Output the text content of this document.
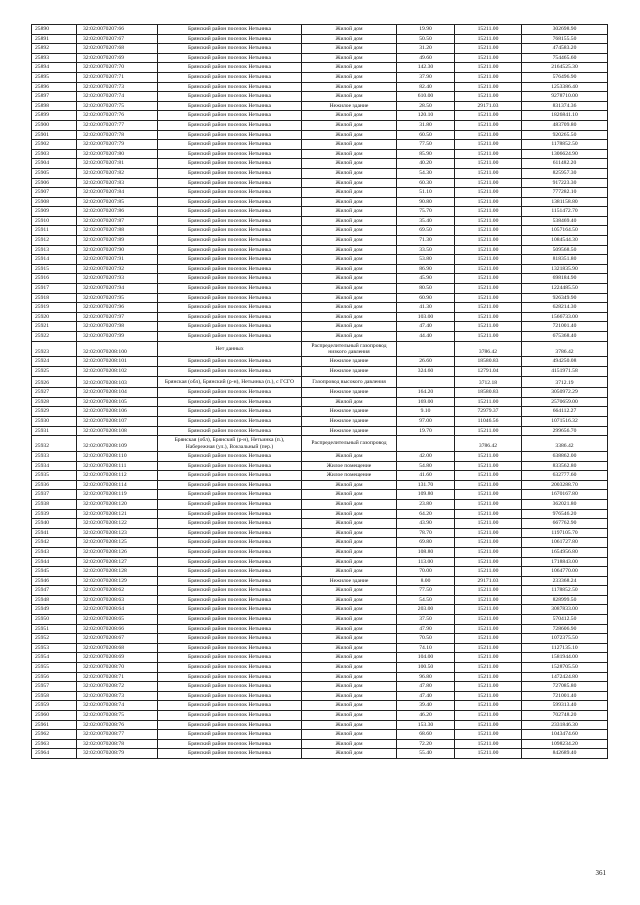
25890	32:02:0070207:66	Брянский район поселок Нетьинка	Жилой дом	19.90	15211.00	302698.90
25891	32:02:0070207:67	Брянский район поселок Нетьинка	Жилой дом	50.50	15211.00	768155.50
25892	32:02:0070207:68	Брянский район поселок Нетьинка	Жилой дом	31.20	15211.00	474583.20
25893	32:02:0070207:69	Брянский район поселок Нетьинка	Жилой дом	49.60	15211.00	754465.60
25894	32:02:0070207:70	Брянский район поселок Нетьинка	Жилой дом	142.30	15211.00	2164525.30
25895	32:02:0070207:71	Брянский район поселок Нетьинка	Жилой дом	37.90	15211.00	576496.90
25896	32:02:0070207:73	Брянский район поселок Нетьинка	Жилой дом	82.40	15211.00	1253386.40
25897	32:02:0070207:74	Брянский район поселок Нетьинка	Жилой дом	610.00	15211.00	9278710.00
25898	32:02:0070207:75	Брянский район поселок Нетьинка	Нежилое здание	28.50	29171.03	831374.36
25899	32:02:0070207:76	Брянский район поселок Нетьинка	Жилой дом	120.10	15211.00	1826841.10
25900	32:02:0070207:77	Брянский район поселок Нетьинка	Жилой дом	31.80	15211.00	483709.80
25901	32:02:0070207:78	Брянский район поселок Нетьинка	Жилой дом	60.50	15211.00	920265.50
25902	32:02:0070207:79	Брянский район поселок Нетьинка	Жилой дом	77.50	15211.00	1178852.50
25903	32:02:0070207:80	Брянский район поселок Нетьинка	Жилой дом	85.90	15211.00	1306624.90
25904	32:02:0070207:81	Брянский район поселок Нетьинка	Жилой дом	40.20	15211.00	611482.20
25905	32:02:0070207:82	Брянский район поселок Нетьинка	Жилой дом	54.30	15211.00	825957.30
25906	32:02:0070207:83	Брянский район поселок Нетьинка	Жилой дом	60.30	15211.00	917223.30
25907	32:02:0070207:84	Брянский район поселок Нетьинка	Жилой дом	51.10	15211.00	777282.10
25908	32:02:0070207:85	Брянский район поселок Нетьинка	Жилой дом	90.80	15211.00	1381158.80
25909	32:02:0070207:86	Брянский район поселок Нетьинка	Жилой дом	75.70	15211.00	1151472.70
25910	32:02:0070207:87	Брянский район поселок Нетьинка	Жилой дом	35.40	15211.00	538469.40
25911	32:02:0070207:88	Брянский район поселок Нетьинка	Жилой дом	69.50	15211.00	1057164.50
25912	32:02:0070207:89	Брянский район поселок Нетьинка	Жилой дом	71.30	15211.00	1084544.30
25913	32:02:0070207:90	Брянский район поселок Нетьинка	Жилой дом	33.50	15211.00	509568.50
25914	32:02:0070207:91	Брянский район поселок Нетьинка	Жилой дом	53.80	15211.00	818351.80
25915	32:02:0070207:92	Брянский район поселок Нетьинка	Жилой дом	86.90	15211.00	1321835.90
25916	32:02:0070207:93	Брянский район поселок Нетьинка	Жилой дом	45.90	15211.00	698184.90
25917	32:02:0070207:94	Брянский район поселок Нетьинка	Жилой дом	80.50	15211.00	1224485.50
25918	32:02:0070207:95	Брянский район поселок Нетьинка	Жилой дом	60.90	15211.00	926349.90
25919	32:02:0070207:96	Брянский район поселок Нетьинка	Жилой дом	41.30	15211.00	628214.30
25920	32:02:0070207:97	Брянский район поселок Нетьинка	Жилой дом	103.00	15211.00	1566733.00
25921	32:02:0070207:98	Брянский район поселок Нетьинка	Жилой дом	47.40	15211.00	721001.40
25922	32:02:0070207:99	Брянский район поселок Нетьинка	Жилой дом	44.40	15211.00	675368.40
25923	32:02:0070208:100	Нет данных	Распределительный газопровод низкого давления		3786.42	3786.42
25924	32:02:0070208:101	Брянский район поселок Нетьинка	Нежилое здание	26.60	18580.83	494250.08
25925	32:02:0070208:102	Брянский район поселок Нетьинка	Нежилое здание	324.60	12791.04	4151971.58
25926	32:02:0070208:103	Брянская (обл), Брянский (р-н), Нетьинка (п.), с ГСГО	Газопровод высокого давления		3712.18	3712.19
25927	32:02:0070208:104	Брянский район поселок Нетьинка	Нежилое здание	164.20	18580.83	3050972.29
25928	32:02:0070208:105	Брянский район поселок Нетьинка	Жилой дом	169.00	15211.00	2570659.00
25929	32:02:0070208:106	Брянский район поселок Нетьинка	Нежилое здание	9.10	72979.37	664112.27
25930	32:02:0070208:107	Брянский район поселок Нетьинка	Нежилое здание	97.00	11046.56	1071516.32
25931	32:02:0070208:108	Брянский район поселок Нетьинка	Нежилое здание	19.70	15211.00	299656.70
25932	32:02:0070208:109	Брянская (обл), Брянский (р-н), Нетьинка (п.), Набережная (ул.), Вокзальный (пер.)	Распределительный газопровод		3786.42	3386.42
25933	32:02:0070208:110	Брянский район поселок Нетьинка	Жилой дом	42.00	15211.00	638862.00
25934	32:02:0070208:111	Брянский район поселок Нетьинка	Жилое помещение	54.80	15211.00	833562.80
25935	32:02:0070208:112	Брянский район поселок Нетьинка	Жилое помещение	41.60	15211.00	632777.60
25936	32:02:0070208:114	Брянский район поселок Нетьинка	Жилой дом	131.70	15211.00	2003288.70
25937	32:02:0070208:119	Брянский район поселок Нетьинка	Жилой дом	109.80	15211.00	1670167.80
25938	32:02:0070208:120	Брянский район поселок Нетьинка	Жилой дом	23.80	15211.00	362021.80
25939	32:02:0070208:121	Брянский район поселок Нетьинка	Жилой дом	64.20	15211.00	976546.20
25940	32:02:0070208:122	Брянский район поселок Нетьинка	Жилой дом	43.90	15211.00	667762.90
25941	32:02:0070208:123	Брянский район поселок Нетьинка	Жилой дом	78.70	15211.00	1197105.70
25942	32:02:0070208:125	Брянский район поселок Нетьинка	Жилой дом	69.80	15211.00	1061727.80
25943	32:02:0070208:126	Брянский район поселок Нетьинка	Жилой дом	108.80	15211.00	1654956.80
25944	32:02:0070208:127	Брянский район поселок Нетьинка	Жилой дом	113.00	15211.00	1718843.00
25945	32:02:0070208:128	Брянский район поселок Нетьинка	Жилой дом	70.00	15211.00	1064770.00
25946	32:02:0070208:129	Брянский район поселок Нетьинка	Нежилое здание	8.00	29171.03	233368.24
25947	32:02:0070208:62	Брянский район поселок Нетьинка	Жилой дом	77.50	15211.00	1178852.50
25948	32:02:0070208:63	Брянский район поселок Нетьинка	Жилой дом	54.50	15211.00	828999.50
25949	32:02:0070208:64	Брянский район поселок Нетьинка	Жилой дом	203.00	15211.00	3087833.00
25950	32:02:0070208:65	Брянский район поселок Нетьинка	Жилой дом	37.50	15211.00	570412.50
25951	32:02:0070208:66	Брянский район поселок Нетьинка	Жилой дом	47.90	15211.00	728606.90
25952	32:02:0070208:67	Брянский район поселок Нетьинка	Жилой дом	70.50	15211.00	1072375.50
25953	32:02:0070208:68	Брянский район поселок Нетьинка	Жилой дом	74.10	15211.00	1127135.10
25954	32:02:0070208:69	Брянский район поселок Нетьинка	Жилой дом	104.00	15211.00	1581944.00
25955	32:02:0070208:70	Брянский район поселок Нетьинка	Жилой дом	100.50	15211.00	1528705.50
25956	32:02:0070208:71	Брянский район поселок Нетьинка	Жилой дом	96.80	15211.00	1472424.80
25957	32:02:0070208:72	Брянский район поселок Нетьинка	Жилой дом	47.80	15211.00	727085.80
25958	32:02:0070208:73	Брянский район поселок Нетьинка	Жилой дом	47.40	15211.00	721001.40
25959	32:02:0070208:74	Брянский район поселок Нетьинка	Жилой дом	39.40	15211.00	599313.40
25960	32:02:0070208:75	Брянский район поселок Нетьинка	Жилой дом	46.20	15211.00	702748.20
25961	32:02:0070208:76	Брянский район поселок Нетьинка	Жилой дом	153.30	15211.00	2331846.30
25962	32:02:0070208:77	Брянский район поселок Нетьинка	Жилой дом	68.60	15211.00	1043474.60
25963	32:02:0070208:78	Брянский район поселок Нетьинка	Жилой дом	72.20	15211.00	1098234.20
25964	32:02:0070208:79	Брянский район поселок Нетьинка	Жилой дом	55.40	15211.00	842689.40
361
